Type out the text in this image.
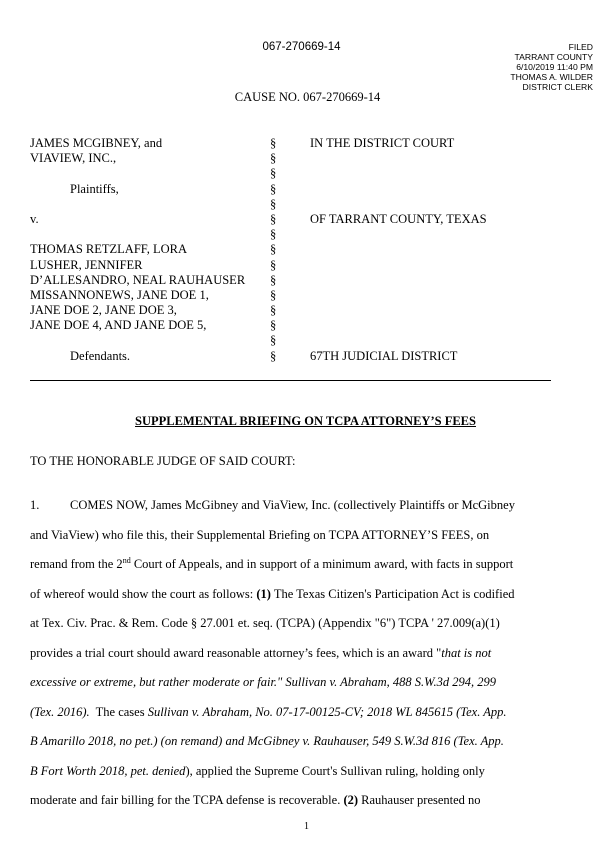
067-270669-14	FILED
TARRANT COUNTY
6/10/2019 11:40 PM
THOMAS A. WILDER
DISTRICT CLERK
CAUSE NO. 067-270669-14
JAMES MCGIBNEY, and	§	IN THE DISTRICT COURT
VIAVIEW, INC.,	§
§
Plaintiffs,	§
§
v.	§	OF TARRANT COUNTY, TEXAS
§
THOMAS RETZLAFF, LORA	§
LUSHER, JENNIFER	§
D’ALLESANDRO, NEAL RAUHAUSER §
MISSANNONEWS, JANE DOE 1,	§
JANE DOE 2, JANE DOE 3,	§
JANE DOE 4, AND JANE DOE 5,	§
§
Defendants.	§	67TH JUDICIAL DISTRICT
SUPPLEMENTAL BRIEFING ON TCPA ATTORNEY’S FEES
TO THE HONORABLE JUDGE OF SAID COURT:
1. COMES NOW, James McGibney and ViaView, Inc. (collectively Plaintiffs or McGibney
and ViaView) who file this, their Supplemental Briefing on TCPA ATTORNEY’S FEES, on
remand from the 2nd Court of Appeals, and in support of a minimum award, with facts in support
of whereof would show the court as follows: (1) The Texas Citizen's Participation Act is codified
at Tex. Civ. Prac. & Rem. Code § 27.001 et. seq. (TCPA) (Appendix "6") TCPA ' 27.009(a)(1)
provides a trial court should award reasonable attorney’s fees, which is an award "that is not
excessive or extreme, but rather moderate or fair." Sullivan v. Abraham, 488 S.W.3d 294, 299
(Tex. 2016).  The cases Sullivan v. Abraham, No. 07-17-00125-CV; 2018 WL 845615 (Tex. App.
B Amarillo 2018, no pet.) (on remand) and McGibney v. Rauhauser, 549 S.W.3d 816 (Tex. App.
B Fort Worth 2018, pet. denied), applied the Supreme Court's Sullivan ruling, holding only
moderate and fair billing for the TCPA defense is recoverable. (2) Rauhauser presented no
1
